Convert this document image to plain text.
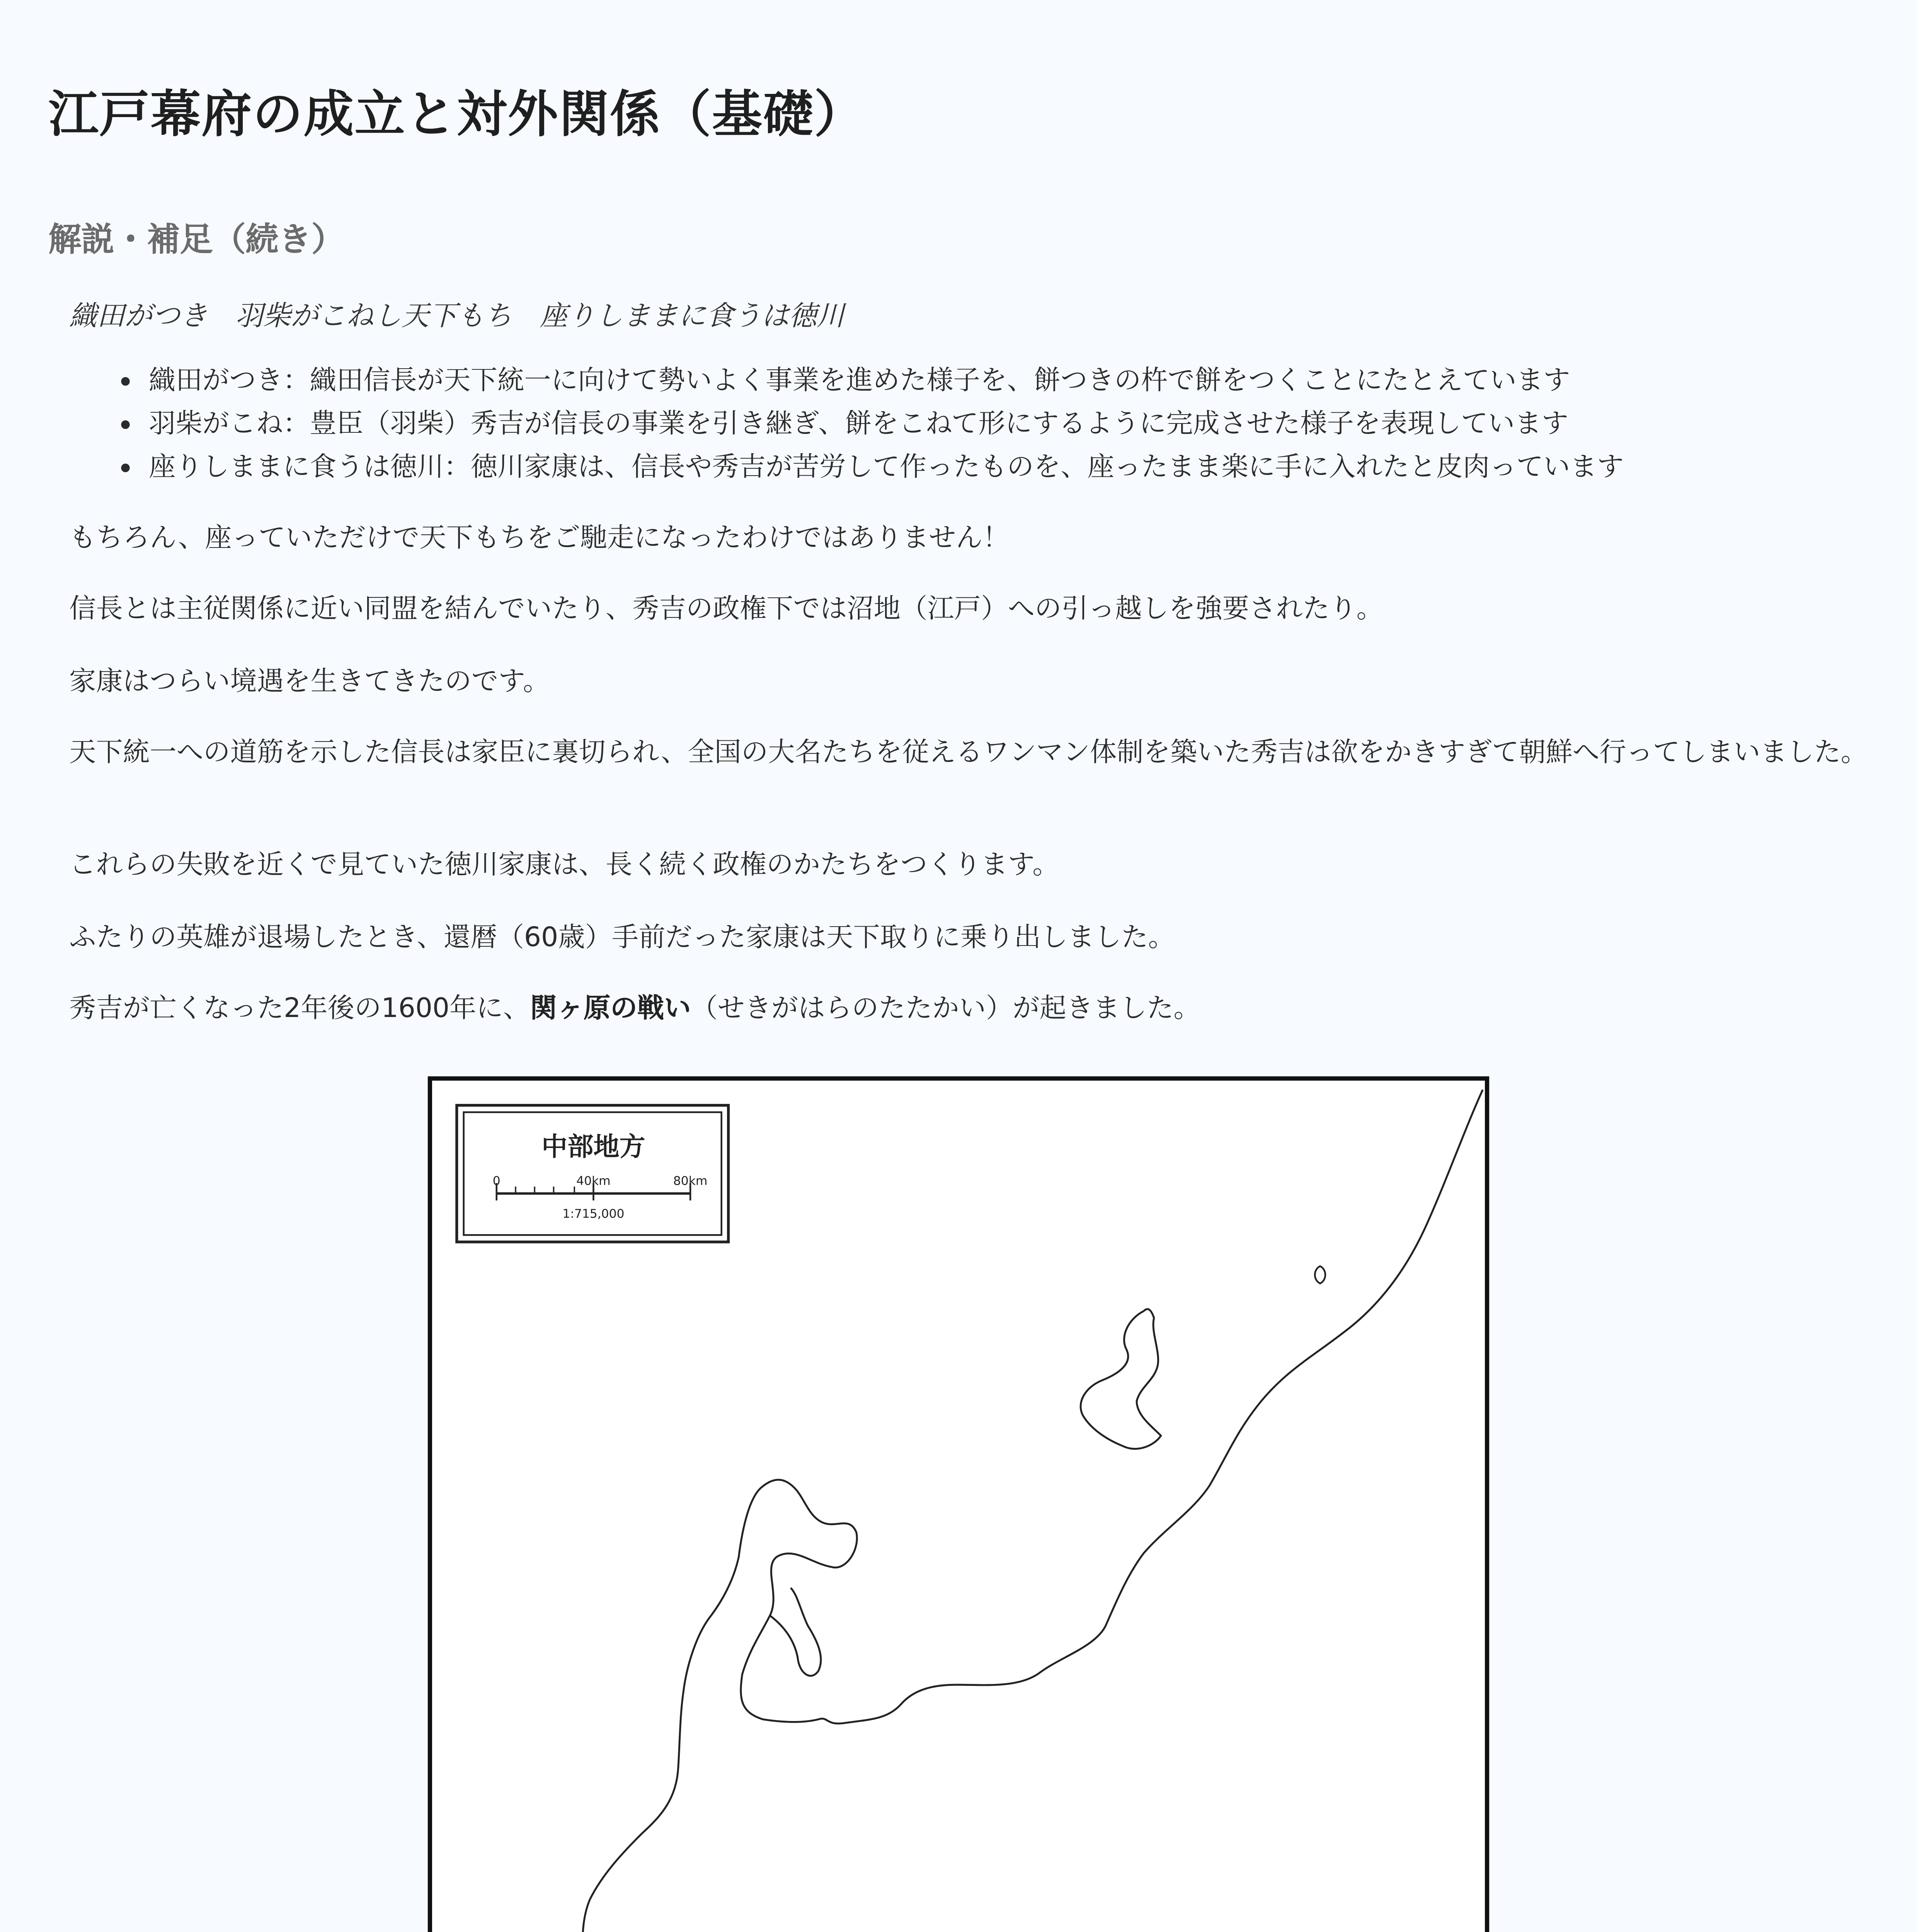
江戸幕府の成立と対外関係（基礎）
解説・補足（続き）

織田がつき　羽柴がこねし天下もち　座りしままに食うは徳川

• 織田がつき：織田信長が天下統一に向けて勢いよく事業を進めた様子を、餅つきの杵で餅をつくことにたとえています
• 羽柴がこね：豊臣（羽柴）秀吉が信長の事業を引き継ぎ、餅をこねて形にするように完成させた様子を表現しています
• 座りしままに食うは徳川：徳川家康は、信長や秀吉が苦労して作ったものを、座ったまま楽に手に入れたと皮肉っています

もちろん、座っていただけで天下もちをご馳走になったわけではありません！

信長とは主従関係に近い同盟を結んでいたり、秀吉の政権下では沼地（江戸）への引っ越しを強要されたり。

家康はつらい境遇を生きてきたのです。

天下統一への道筋を示した信長は家臣に裏切られ、全国の大名たちを従えるワンマン体制を築いた秀吉は欲をかきすぎて朝鮮へ行ってしまいました。

これらの失敗を近くで見ていた徳川家康は、長く続く政権のかたちをつくります。

ふたりの英雄が退場したとき、還暦（60歳）手前だった家康は天下取りに乗り出しました。

秀吉が亡くなった2年後の1600年に、関ヶ原の戦い（せきがはらのたたかい）が起きました。

中部地方
0	40km	80km
1:715,000
